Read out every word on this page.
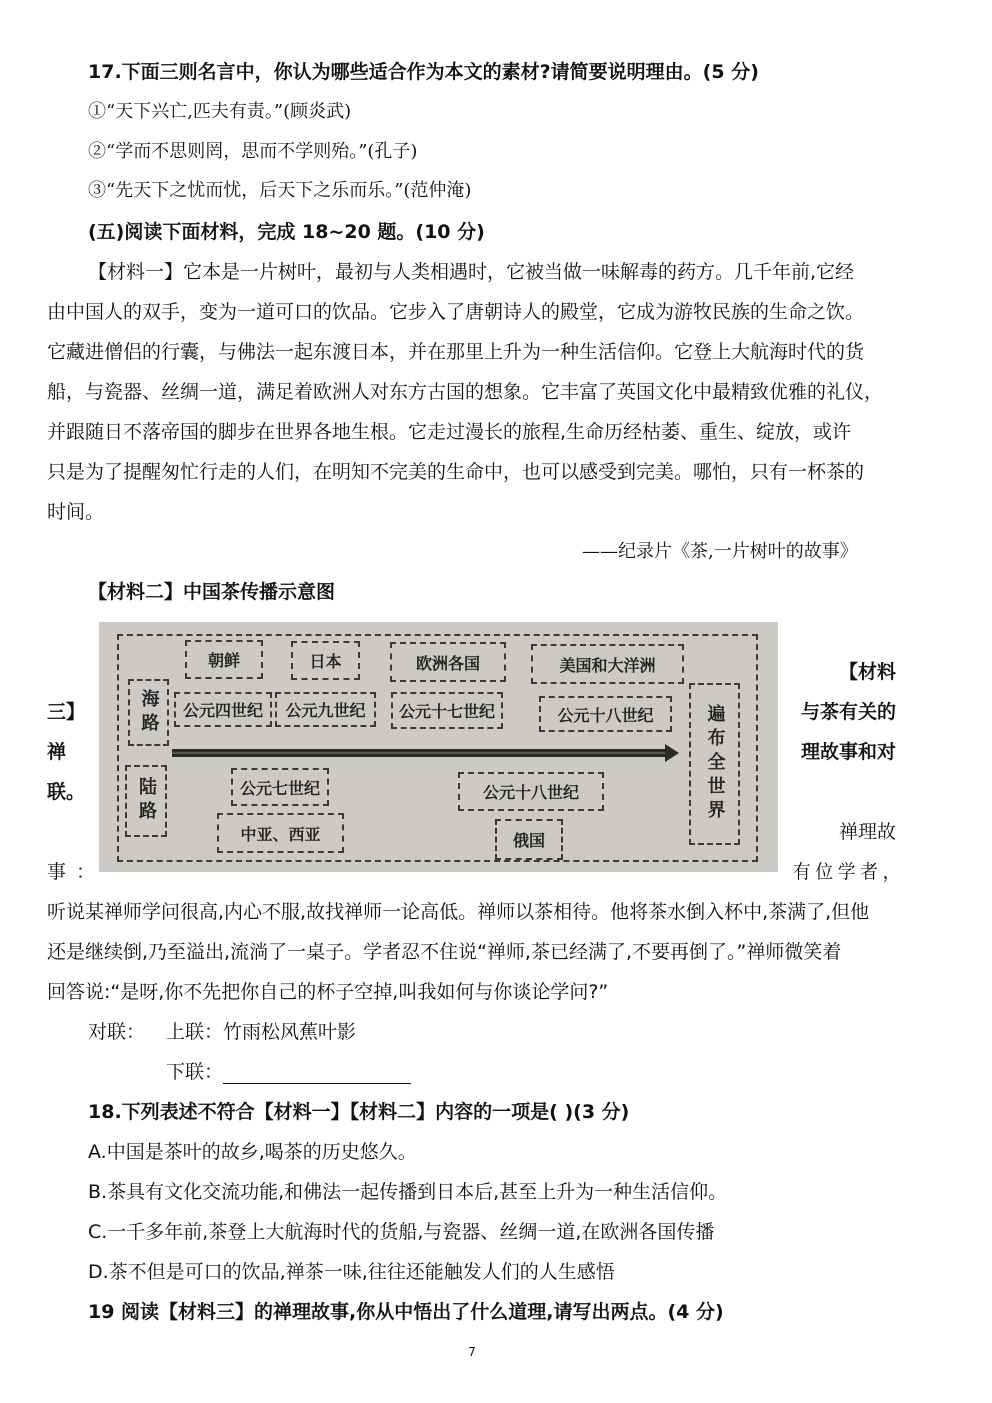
17.下面三则名言中，你认为哪些适合作为本文的素材?请简要说明理由。(5 分)
①“天下兴亡,匹夫有责。”(顾炎武)
②“学而不思则罔，思而不学则殆。”(孔子)
③“先天下之忧而忧，后天下之乐而乐。”(范仲淹)
(五)阅读下面材料，完成 18~20 题。(10 分)
【材料一】它本是一片树叶，最初与人类相遇时，它被当做一味解毒的药方。几千年前,它经
由中国人的双手，变为一道可口的饮品。它步入了唐朝诗人的殿堂，它成为游牧民族的生命之饮。
它藏进僧侣的行囊，与佛法一起东渡日本，并在那里上升为一种生活信仰。它登上大航海时代的货
船，与瓷器、丝绸一道，满足着欧洲人对东方古国的想象。它丰富了英国文化中最精致优雅的礼仪，
并跟随日不落帝国的脚步在世界各地生根。它走过漫长的旅程,生命历经枯萎、重生、绽放，或许
只是为了提醒匆忙行走的人们，在明知不完美的生命中，也可以感受到完美。哪怕，只有一杯茶的
时间。
——纪录片《茶,一片树叶的故事》
【材料二】中国茶传播示意图
海路
朝鲜	日本	欧洲各国	美国和大洋洲
公元四世纪	公元九世纪	公元十七世纪	公元十八世纪	遍布全世界
陆路	公元七世纪
中亚、西亚
公元十八世纪
俄国
【材料
三】	与茶有关的
禅	理故事和对
联。
禅理故
事：	有位学者，
听说某禅师学问很高,内心不服,故找禅师一论高低。禅师以茶相待。他将茶水倒入杯中,茶满了,但他
还是继续倒,乃至溢出,流淌了一桌子。学者忍不住说“禅师,茶已经满了,不要再倒了。”禅师微笑着
回答说:“是呀,你不先把你自己的杯子空掉,叫我如何与你谈论学问?”
对联： 上联：竹雨松风蕉叶影
下联：
18.下列表述不符合【材料一】【材料二】内容的一项是( )(3 分)
A.中国是茶叶的故乡,喝茶的历史悠久。
B.茶具有文化交流功能,和佛法一起传播到日本后,甚至上升为一种生活信仰。
C.一千多年前,茶登上大航海时代的货船,与瓷器、丝绸一道,在欧洲各国传播
D.茶不但是可口的饮品,禅茶一味,往往还能触发人们的人生感悟
19 阅读【材料三】的禅理故事,你从中悟出了什么道理,请写出两点。(4 分)
7
